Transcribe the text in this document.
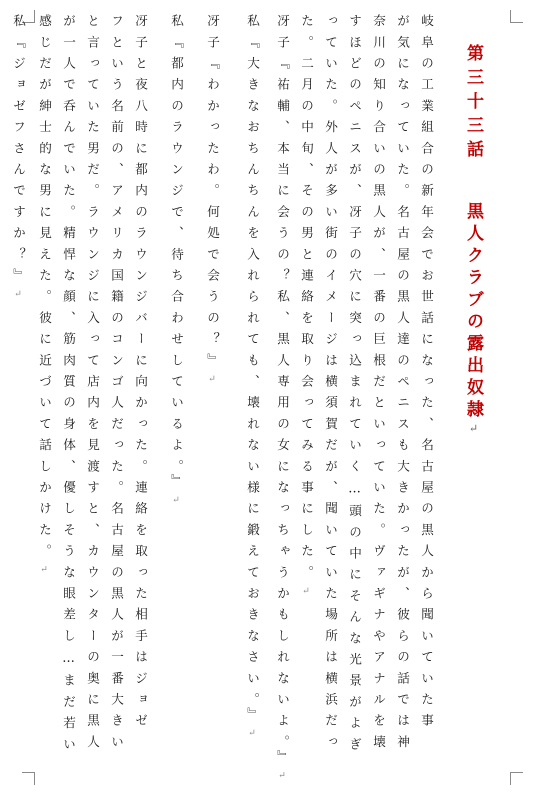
第三十三話黒人クラブの露出奴隷↵
岐阜の工業組合の新年会でお世話になった、名古屋の黒人から聞いていた事
が気になっていた。名古屋の黒人達のペニスも大きかったが、彼らの話では神
奈川の知り合いの黒人が、一番の巨根だといっていた。ヴァギナやアナルを壊
すほどのペニスが、冴子の穴に突っ込まれていく…頭の中にそんな光景がよぎ
っていた。外人が多い街のイメージは横須賀だが、聞いていた場所は横浜だっ
た。二月の中旬、その男と連絡を取り会ってみる事にした。↵
冴子『祐輔、本当に会うの？私、黒人専用の女になっちゃうかもしれないよ。』↵
私『大きなおちんちんを入れられても、壊れない様に鍛えておきなさい。』↵
冴子『わかったわ。何処で会うの？』↵
私『都内のラウンジで、待ち合わせしているよ。』↵
冴子と夜八時に都内のラウンジバーに向かった。連絡を取った相手はジョゼ
フという名前の、アメリカ国籍のコンゴ人だった。名古屋の黒人が一番大きい
と言っていた男だ。ラウンジに入って店内を見渡すと、カウンターの奥に黒人
が一人で呑んでいた。精悍な顔、筋肉質の身体、優しそうな眼差し…まだ若い
感じだが紳士的な男に見えた。彼に近づいて話しかけた。↵
私『ジョゼフさんですか？』↵
